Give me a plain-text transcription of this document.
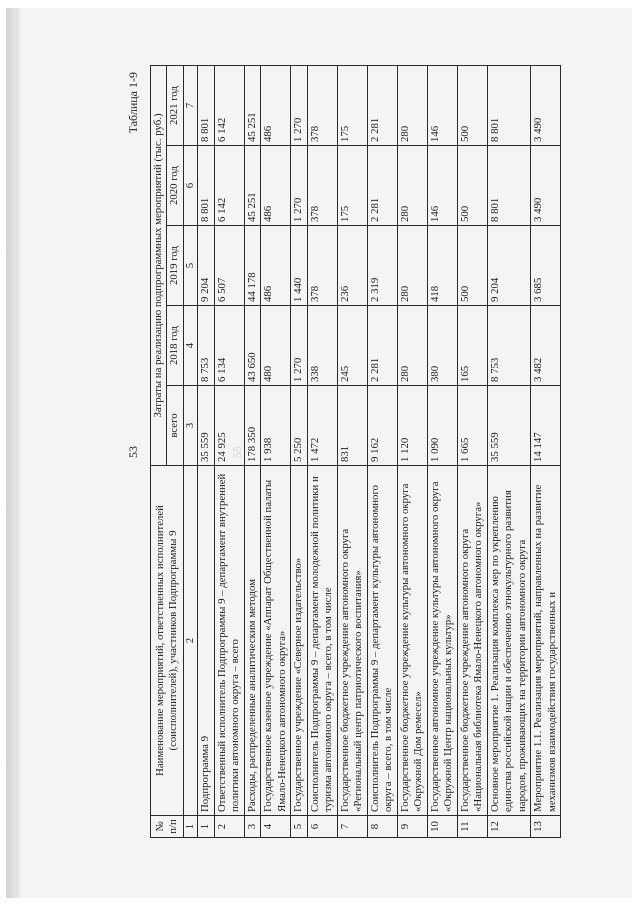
53	55
Таблица 1-9
№ п/п	Наименование мероприятий, ответственных исполнителей (соисполнителей), участников Подпрограммы 9	Затраты на реализацию подпрограммных мероприятий (тыс. руб.)				
		всего	2018 год	2019 год	2020 год	2021 год
1	2	3	4	5	6	7
1	Подпрограмма 9	35 559	8 753	9 204	8 801	8 801
2	Ответственный исполнитель Подпрограммы 9 – департамент внутренней политики автономного округа – всего	24 925	6 134	6 507	6 142	6 142
3	Расходы, распределенные аналитическим методом	178 350	43 650	44 178	45 251	45 251
4	Государственное казенное учреждение «Аппарат Общественной палаты Ямало-Ненецкого автономного округа»	1 938	480	486	486	486
5	Государственное учреждение «Северное издательство»	5 250	1 270	1 440	1 270	1 270
6	Соисполнитель Подпрограммы 9 – департамент молодежной политики и туризма автономного округа – всего, в том числе	1 472	338	378	378	378
7	Государственное бюджетное учреждение автономного округа «Региональный центр патриотического воспитания»	831	245	236	175	175
8	Соисполнитель Подпрограммы 9 – департамент культуры автономного округа – всего, в том числе	9 162	2 281	2 319	2 281	2 281
9	Государственное бюджетное учреждение культуры автономного округа «Окружной Дом ремесел»	1 120	280	280	280	280
10	Государственное автономное учреждение культуры автономного округа «Окружной Центр национальных культур»	1 090	380	418	146	146
11	Государственное бюджетное учреждение автономного округа «Национальная библиотека Ямало-Ненецкого автономного округа»	1 665	165	500	500	500
12	Основное мероприятие 1. Реализация комплекса мер по укреплению единства российской нации и обеспечению этнокультурного развития народов, проживающих на территории автономного округа	35 559	8 753	9 204	8 801	8 801
13	Мероприятие 1.1. Реализация мероприятий, направленных на развитие механизмов взаимодействия государственных и	14 147	3 482	3 685	3 490	3 490
